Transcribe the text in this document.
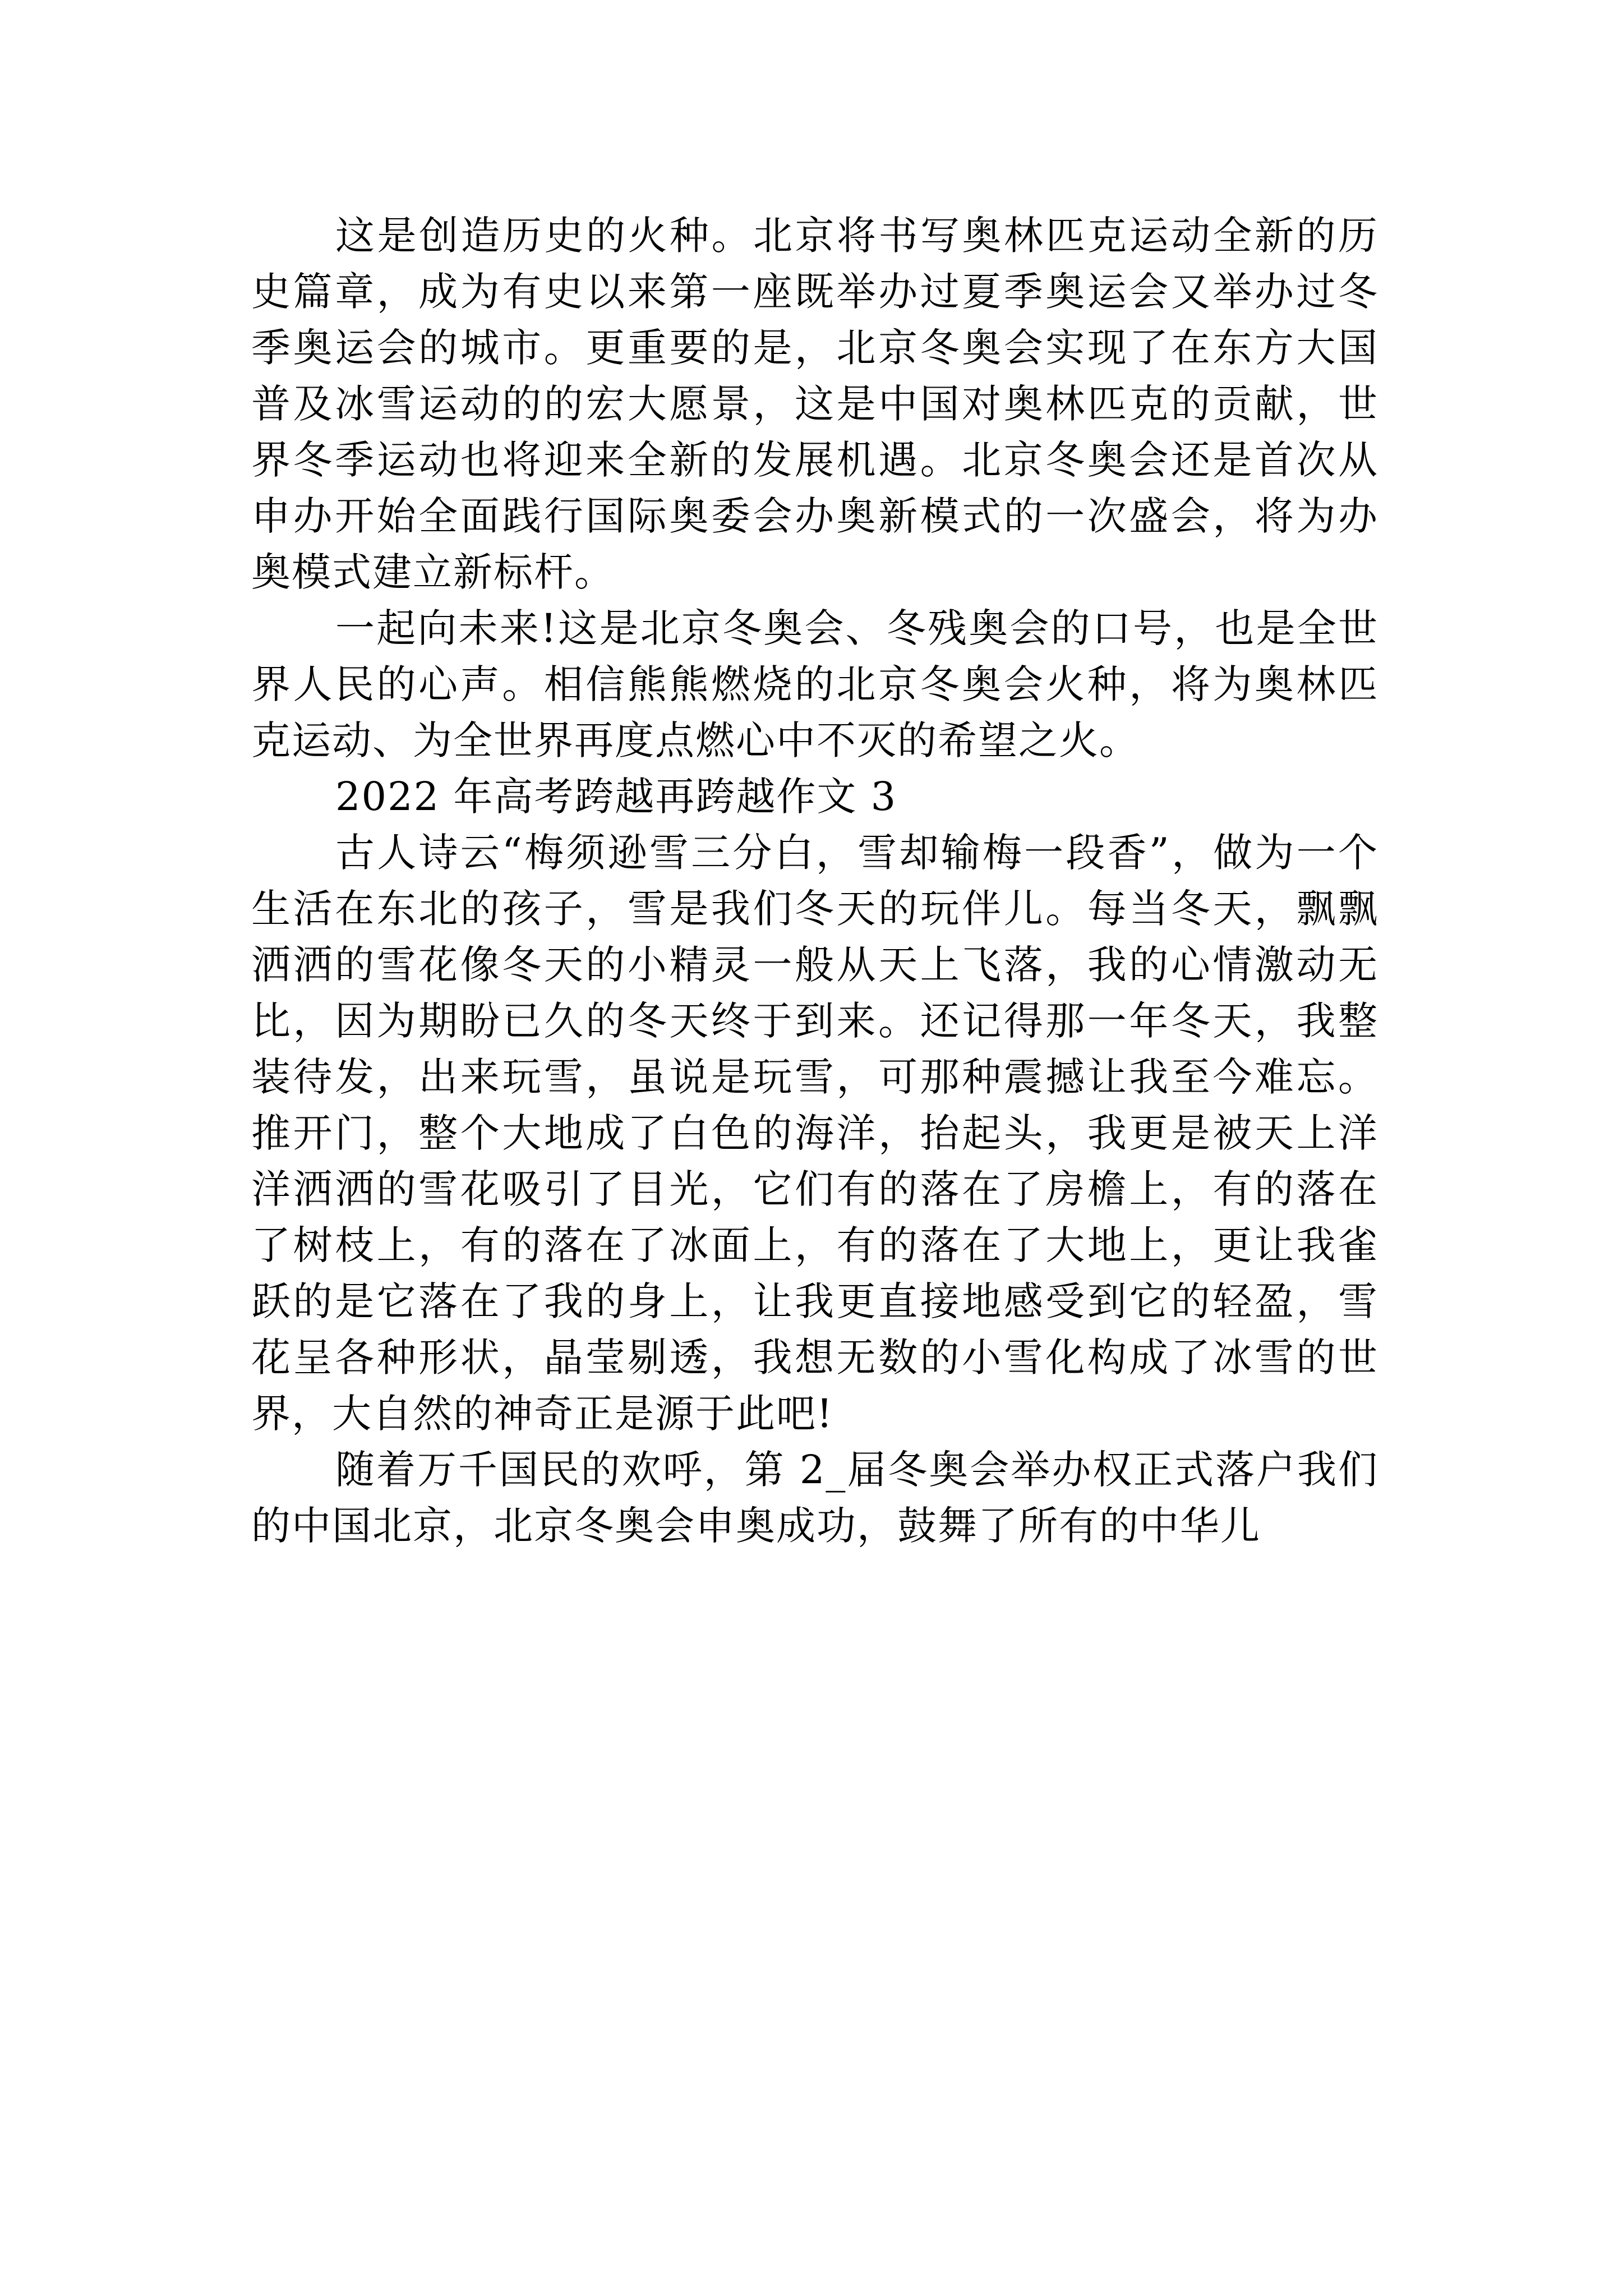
这是创造历史的火种。北京将书写奥林匹克运动全新的历史篇章，成为有史以来第一座既举办过夏季奥运会又举办过冬季奥运会的城市。更重要的是，北京冬奥会实现了在东方大国普及冰雪运动的的宏大愿景，这是中国对奥林匹克的贡献，世界冬季运动也将迎来全新的发展机遇。北京冬奥会还是首次从申办开始全面践行国际奥委会办奥新模式的一次盛会，将为办奥模式建立新标杆。

一起向未来!这是北京冬奥会、冬残奥会的口号，也是全世界人民的心声。相信熊熊燃烧的北京冬奥会火种，将为奥林匹克运动、为全世界再度点燃心中不灭的希望之火。

2022 年高考跨越再跨越作文 3

古人诗云“梅须逊雪三分白，雪却输梅一段香”，做为一个生活在东北的孩子，雪是我们冬天的玩伴儿。每当冬天，飘飘洒洒的雪花像冬天的小精灵一般从天上飞落，我的心情激动无比，因为期盼已久的冬天终于到来。还记得那一年冬天，我整装待发，出来玩雪，虽说是玩雪，可那种震撼让我至今难忘。推开门，整个大地成了白色的海洋，抬起头，我更是被天上洋洋洒洒的雪花吸引了目光，它们有的落在了房檐上，有的落在了树枝上，有的落在了冰面上，有的落在了大地上，更让我雀跃的是它落在了我的身上，让我更直接地感受到它的轻盈，雪花呈各种形状，晶莹剔透，我想无数的小雪化构成了冰雪的世界，大自然的神奇正是源于此吧!

随着万千国民的欢呼，第 2_届冬奥会举办权正式落户我们的中国北京，北京冬奥会申奥成功，鼓舞了所有的中华儿
